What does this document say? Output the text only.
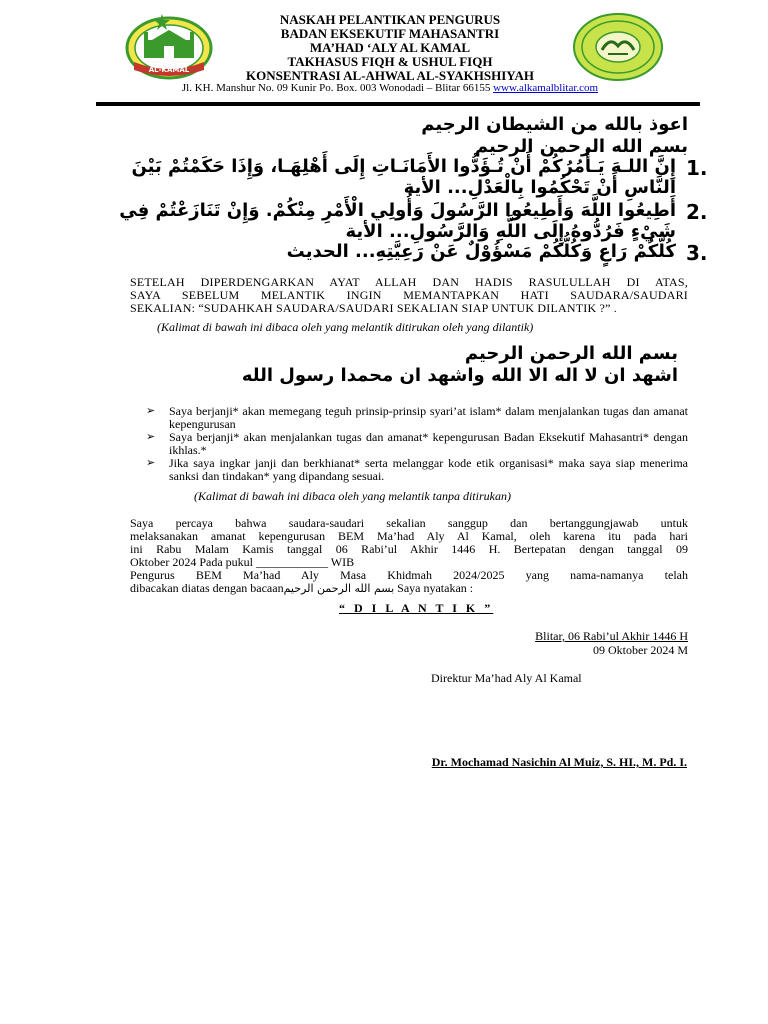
AL-KAMAL
NASKAH PELANTIKAN PENGURUS
BADAN EKSEKUTIF MAHASANTRI
MA’HAD ‘ALY AL KAMAL
TAKHASUS FIQH & USHUL FIQH
KONSENTRASI AL-AHWAL AL-SYAKHSHIYAH
Jl. KH. Manshur No. 09 Kunir Po. Box. 003 Wonodadi – Blitar 66155 www.alkamalblitar.com
اعوذ بالله من الشيطان الرجيم
بسم الله الرحمن الرحيم
1.
إِنَّ اللـهَ يَـأْمُرُكُمْ أَنْ تُـؤَدُّوا الأَمَانَـاتِ إِلَى أَهْلِهَـا، وَإِذَا حَكَمْتُمْ بَيْنَ النَّاسِ أَنْ تَحْكُمُوا بِالْعَدْلِ... الأية
2.
أَطِيعُوا اللَّهَ وَأَطِيعُوا الرَّسُولَ وَأُولِي الْأَمْرِ مِنْكُمْ. وَإِنْ تَنَازَعْتُمْ فِي شَيْءٍ فَرُدُّوهُ إِلَى اللَّهِ وَالرَّسُولِ... الأية
3.
كُلُّكُمْ رَاعٍ وَكُلُّكُمْ مَسْؤُوْلٌ عَنْ رَعِيَّتِهِ... الحديث
SETELAH DIPERDENGARKAN AYAT ALLAH DAN HADIS RASULULLAH DI ATAS,
SAYA SEBELUM MELANTIK INGIN MEMANTAPKAN HATI SAUDARA/SAUDARI
SEKALIAN: “SUDAHKAH SAUDARA/SAUDARI SEKALIAN SIAP UNTUK DILANTIK ?” .
(Kalimat di bawah ini dibaca oleh yang melantik ditirukan oleh yang dilantik)
بسم الله الرحمن الرحيم
اشهد ان لا اله الا الله واشهد ان محمدا رسول الله
➢ Saya berjanji* akan memegang teguh prinsip-prinsip syari’at islam* dalam menjalankan tugas dan amanat kepengurusan
➢ Saya berjanji* akan menjalankan tugas dan amanat* kepengurusan Badan Eksekutif Mahasantri* dengan ikhlas.*
➢ Jika saya ingkar janji dan berkhianat* serta melanggar kode etik organisasi* maka saya siap menerima sanksi dan tindakan* yang dipandang sesuai.
(Kalimat di bawah ini dibaca oleh yang melantik tanpa ditirukan)
Saya percaya bahwa saudara-saudari sekalian sanggup dan bertanggungjawab untuk
melaksanakan amanat kepengurusan BEM Ma’had Aly Al Kamal, oleh karena itu pada hari
ini Rabu Malam Kamis tanggal 06 Rabi’ul Akhir 1446 H. Bertepatan dengan tanggal 09
Oktober 2024 Pada pukul ____________ WIB
Pengurus BEM Ma’had Aly Masa Khidmah 2024/2025 yang nama-namanya telah
dibacakan diatas dengan bacaanبسم الله الرحمن الرحيم Saya nyatakan :
“ D I L A N T I K ”
Blitar, 06 Rabi’ul Akhir 1446 H
09 Oktober 2024 M
Direktur Ma’had Aly Al Kamal
Dr. Mochamad Nasichin Al Muiz, S. HI., M. Pd. I.
